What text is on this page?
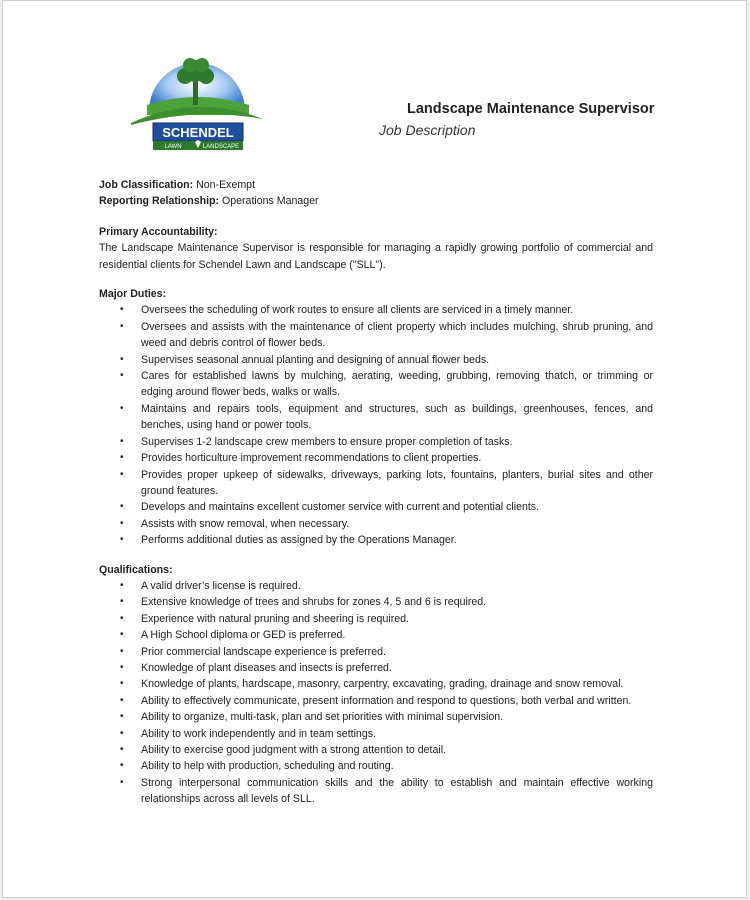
SCHENDEL
LAWN	LANDSCAPE
Landscape Maintenance Supervisor
Job Description

Job Classification: Non-Exempt

Reporting Relationship: Operations Manager

Primary Accountability:

The Landscape Maintenance Supervisor is responsible for managing a rapidly growing portfolio of commercial and residential clients for Schendel Lawn and Landscape ("SLL").

Major Duties:

• Oversees the scheduling of work routes to ensure all clients are serviced in a timely manner.
• Oversees and assists with the maintenance of client property which includes mulching, shrub pruning, and weed and debris control of flower beds.
• Supervises seasonal annual planting and designing of annual flower beds.
• Cares for established lawns by mulching, aerating, weeding, grubbing, removing thatch, or trimming or edging around flower beds, walks or walls.
• Maintains and repairs tools, equipment and structures, such as buildings, greenhouses, fences, and benches, using hand or power tools.
• Supervises 1-2 landscape crew members to ensure proper completion of tasks.
• Provides horticulture improvement recommendations to client properties.
• Provides proper upkeep of sidewalks, driveways, parking lots, fountains, planters, burial sites and other ground features.
• Develops and maintains excellent customer service with current and potential clients.
• Assists with snow removal, when necessary.
• Performs additional duties as assigned by the Operations Manager.

Qualifications:

• A valid driver’s license is required.
• Extensive knowledge of trees and shrubs for zones 4, 5 and 6 is required.
• Experience with natural pruning and sheering is required.
• A High School diploma or GED is preferred.
• Prior commercial landscape experience is preferred.
• Knowledge of plant diseases and insects is preferred.
• Knowledge of plants, hardscape, masonry, carpentry, excavating, grading, drainage and snow removal.
• Ability to effectively communicate, present information and respond to questions, both verbal and written.
• Ability to organize, multi-task, plan and set priorities with minimal supervision.
• Ability to work independently and in team settings.
• Ability to exercise good judgment with a strong attention to detail.
• Ability to help with production, scheduling and routing.
• Strong interpersonal communication skills and the ability to establish and maintain effective working relationships across all levels of SLL.
